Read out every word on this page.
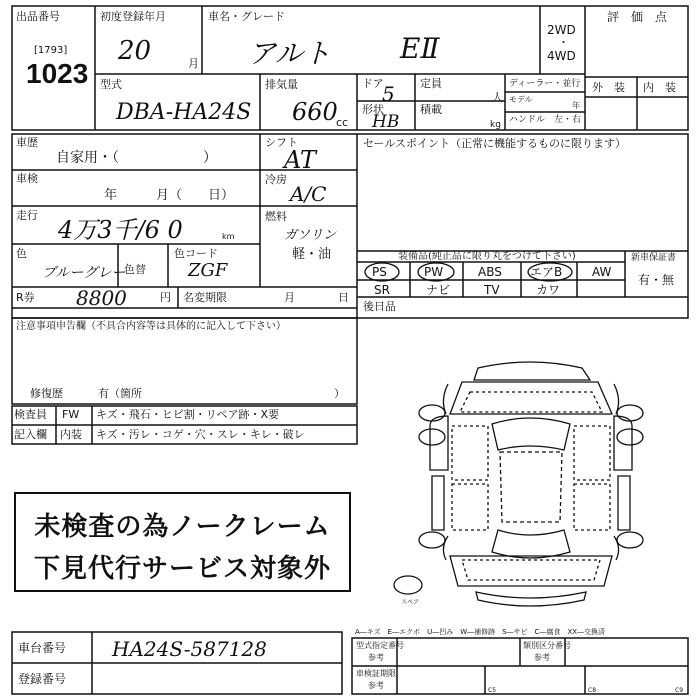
出品番号
[1793]
1023
初度登録年月
20	月
車名・グレード
アルト EⅡ
2WD
・
4WD
評　価　点
型式
DBA-HA24S
排気量
660
cc
ドア
5
形状
HB
定員
人
積載
kg
ディーラー・並行
モデル
年
ハンドル　左・右
外　装 内　装
車歴
自家用・（　　　　　　）
車検
年　　　月（　　日）
走行
4万3千/6 0	km
色
ブルーグレー
色替
色コード
ZGF
R券 8800	円 名変期限	月	日
シフト
AT
冷房
A/C
燃料
ガソリン
軽・油
セールスポイント（正常に機能するものに限ります）
装備品(純正品に限り丸をつけて下さい)	新車保証書
有・無
PS	PW	ABS エアB AW
SR	ナビ	TV	カワ
後日品
注意事項申告欄（不具合内容等は具体的に記入して下さい）
修復歴	有（箇所	）
検査員
記入欄
FW キズ・飛石・ヒビ割・リペア跡・X要
内装 キズ・汚レ・コゲ・穴・スレ・キレ・破レ
未検査の為ノークレーム
下見代行サービス対象外
スペア
車台番号 HA24S-587128
登録番号
A―キズ　E―エクボ　U―凹み　W―補修跡　S―サビ　C―腐食　XX―交換済
型式指定番号
参考
類別区分番号
参考
車検証期限
参考
C5	C8	C9
